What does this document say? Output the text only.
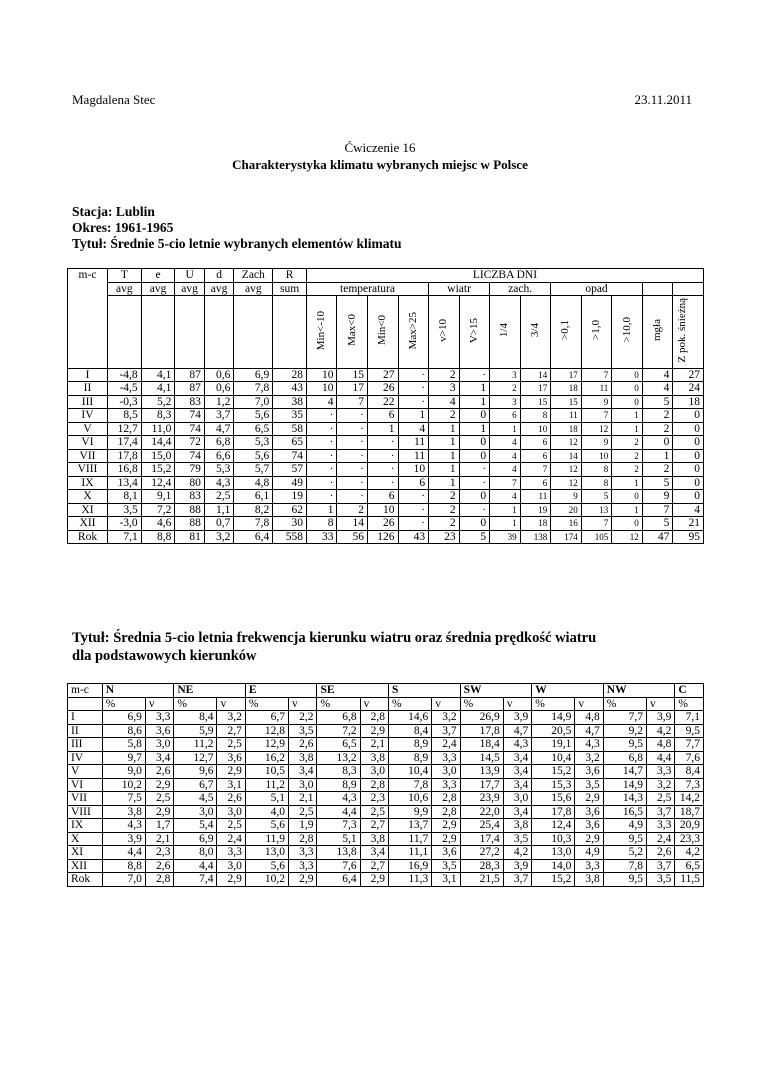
Magdalena Stec	23.11.2011
Ćwiczenie 16
Charakterystyka klimatu wybranych miejsc w Polsce
Stacja: Lublin
Okres: 1961-1965
Tytuł: Średnie 5-cio letnie wybranych elementów klimatu
m-c	T	e	U	d	Zach	R	LICZBA DNI												
	avg	avg	avg	avg	avg	sum	temperatura				wiatr		zach.		opad				
							Min<-10	Max<0	Min<0	Max>25	v>10	V>15	1/4	3/4	>0,1	>1,0	>10,0	mgła	Z pok. śnieżną
I	-4,8	4,1	87	0,6	6,9	28	10	15	27	·	2	·	3	14	17	7	0	4	27
II	-4,5	4,1	87	0,6	7,8	43	10	17	26	·	3	1	2	17	18	11	0	4	24
III	-0,3	5,2	83	1,2	7,0	38	4	7	22	·	4	1	3	15	15	9	0	5	18
IV	8,5	8,3	74	3,7	5,6	35	·	·	6	1	2	0	6	8	11	7	1	2	0
V	12,7	11,0	74	4,7	6,5	58	·	·	1	4	1	1	1	10	18	12	1	2	0
VI	17,4	14,4	72	6,8	5,3	65	·	·	·	11	1	0	4	6	12	9	2	0	0
VII	17,8	15,0	74	6,6	5,6	74	·	·	·	11	1	0	4	6	14	10	2	1	0
VIII	16,8	15,2	79	5,3	5,7	57	·	·	·	10	1	·	4	7	12	8	2	2	0
IX	13,4	12,4	80	4,3	4,8	49	·	·	·	6	1	·	7	6	12	8	1	5	0
X	8,1	9,1	83	2,5	6,1	19	·	·	6	·	2	0	4	11	9	5	0	9	0
XI	3,5	7,2	88	1,1	8,2	62	1	2	10	·	2	·	1	19	20	13	1	7	4
XII	-3,0	4,6	88	0,7	7,8	30	8	14	26	·	2	0	1	18	16	7	0	5	21
Rok	7,1	8,8	81	3,2	6,4	558	33	56	126	43	23	5	39	138	174	105	12	47	95
Tytuł: Średnia 5-cio letnia frekwencja kierunku wiatru oraz średnia prędkość wiatru
dla podstawowych kierunków
m-c	N		NE		E		SE		S		SW		W		NW		C
	%	v	%	v	%	v	%	v	%	v	%	v	%	v	%	v	%
I	6,9	3,3	8,4	3,2	6,7	2,2	6,8	2,8	14,6	3,2	26,9	3,9	14,9	4,8	7,7	3,9	7,1
II	8,6	3,6	5,9	2,7	12,8	3,5	7,2	2,9	8,4	3,7	17,8	4,7	20,5	4,7	9,2	4,2	9,5
III	5,8	3,0	11,2	2,5	12,9	2,6	6,5	2,1	8,9	2,4	18,4	4,3	19,1	4,3	9,5	4,8	7,7
IV	9,7	3,4	12,7	3,6	16,2	3,8	13,2	3,8	8,9	3,3	14,5	3,4	10,4	3,2	6,8	4,4	7,6
V	9,0	2,6	9,6	2,9	10,5	3,4	8,3	3,0	10,4	3,0	13,9	3,4	15,2	3,6	14,7	3,3	8,4
VI	10,2	2,9	6,7	3,1	11,2	3,0	8,9	2,8	7,8	3,3	17,7	3,4	15,3	3,5	14,9	3,2	7,3
VII	7,5	2,5	4,5	2,6	5,1	2,1	4,3	2,3	10,6	2,8	23,9	3,0	15,6	2,9	14,3	2,5	14,2
VIII	3,8	2,9	3,0	3,0	4,0	2,5	4,4	2,5	9,9	2,8	22,0	3,4	17,8	3,6	16,5	3,7	18,7
IX	4,3	1,7	5,4	2,5	5,6	1,9	7,3	2,7	13,7	2,9	25,4	3,8	12,4	3,6	4,9	3,3	20,9
X	3,9	2,1	6,9	2,4	11,9	2,8	5,1	3,8	11,7	2,9	17,4	3,5	10,3	2,9	9,5	2,4	23,3
XI	4,4	2,3	8,0	3,3	13,0	3,3	13,8	3,4	11,1	3,6	27,2	4,2	13,0	4,9	5,2	2,6	4,2
XII	8,8	2,6	4,4	3,0	5,6	3,3	7,6	2,7	16,9	3,5	28,3	3,9	14,0	3,3	7,8	3,7	6,5
Rok	7,0	2,8	7,4	2,9	10,2	2,9	6,4	2,9	11,3	3,1	21,5	3,7	15,2	3,8	9,5	3,5	11,5
